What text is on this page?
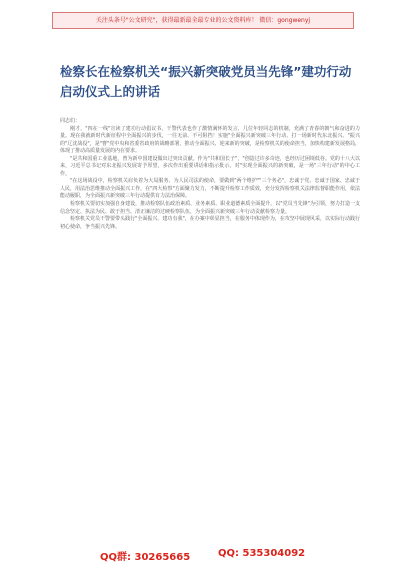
关注头条号"公文研究"，获得最新最全最专业的公文资料库！ 微信：gongwenyj
检察长在检察机关“振兴新突破党员当先锋”建功行动启动仪式上的讲话

同志们：

刚才，"四在一线"宣读了建功行动倡议书，干警代表也作了激情满怀的发言，几位年轻同志的机制，充满了青春的朝气和奋进的力量。现在我就新时代新征程中全面振兴的步伐，一往无前、不可阻挡！实施"全面振兴新突破三年行动、打一场新时代东北振兴、"振兴的"辽沈战役"，是"曹"党中央和省委省政府的战略部署，推动全面振兴、迎来新的突破，是检察机关的使命担当，加快构建新发展格局，体现了推动高质量发展的内在要求。

"是共和国重工业基地，曾为新中国建设做出过突出贡献。作为"共和国长子"，"创造过许多奇迹，也经历过困境低谷。党的十八大以来，习近平总书记对东北振兴发展寄予厚望，多次作出重要讲话和指示批示。对"实现全面振兴的新突破，是一场"三年行动"的中心工作。

"在这场战役中，检察机关肩负着为大局服务、为人民司法的使命，要做到"两个维护""三个务必"，忠诚于党、忠诚于国家、忠诚于人民，用法治思维推动全面振兴工作，在"四大检察"方面聚力发力，不断提升检察工作质效，充分发挥检察机关法律监督职能作用，依法能动履职，为全面振兴新突破三年行动提供有力法治保障。

检察机关要切实加强自身建设，推动检察队伍政治素质、业务素质、职业道德素质全面提升，以"党员当先锋"为引领，努力打造一支信念坚定、执法为民、敢于担当、清正廉洁的过硬检察队伍，为全面振兴新突破三年行动贡献检察力量。

检察机关党员干警要带头践行"全面振兴、建功有我"，在办案中彰显担当，在服务中体现作为，在攻坚中展现风采，以实际行动践行初心使命，争当振兴先锋。

QQ群: 30265665	QQ: 535304092
